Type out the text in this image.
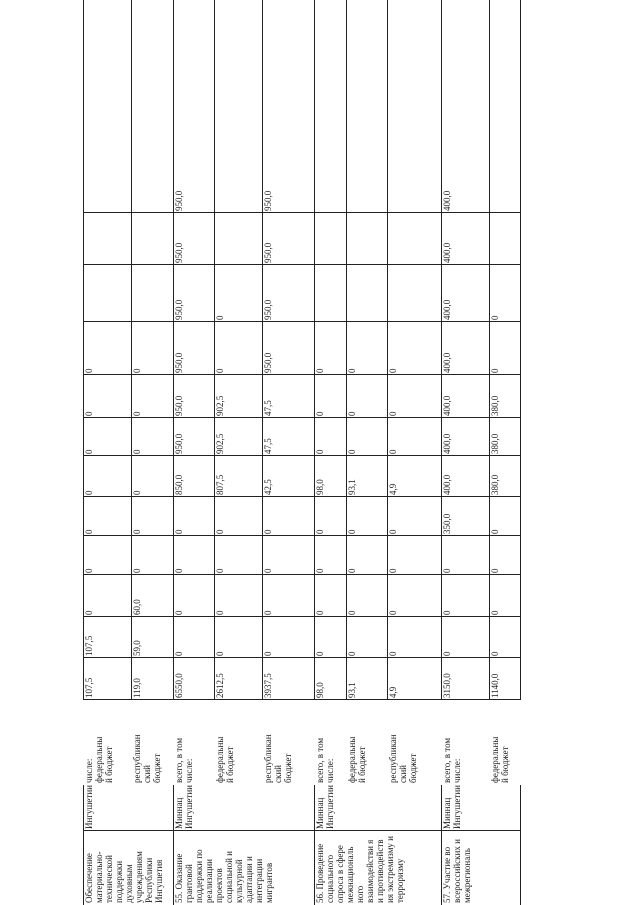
Обеспечение материально-технической поддержки духовным учреждениям Республики Ингушетия
Ингушетии
числе:
федеральны
й бюджет
107,5
107,5
0
0
0
0
0
0
0
республикан
ский
бюджет
119,0
59,0
60,0
0
0
0
0
0
0
55. Оказание грантовой поддержки по реализации проектов социальной и культурной адаптации и интеграции мигрантов
Миннац
Ингушетии
всего, в том
числе:
6550,0
0
0
0
0
850,0
950,0
950,0
950,0
950,0
950,0
950,0
федеральны
й бюджет
2612,5
0
0
0
0
807,5
902,5
902,5
0
0
республикан
ский
бюджет
3937,5
0
0
0
0
42,5
47,5
47,5
950,0
950,0
950,0
950,0
56. Проведение социального опроса в сфере межнациональ ного взаимодействи я и противодейств ия экстремизму и терроризму
Миннац
Ингушетии
всего, в том
числе:
98,0
0
0
0
0
98,0
0
0
0
федеральны
й бюджет
93,1
0
0
0
0
93,1
0
0
0
республикан
ский
бюджет
4,9
0
0
0
0
4,9
0
0
0
57. Участие во всероссийских и межрегиональ
Миннац
Ингушетии
всего, в том
числе:
3150,0
0
0
0
350,0
400,0
400,0
400,0
400,0
400,0
400,0
400,0
федеральны
й бюджет
1140,0
0
0
0
0
380,0
380,0
380,0
0
0
